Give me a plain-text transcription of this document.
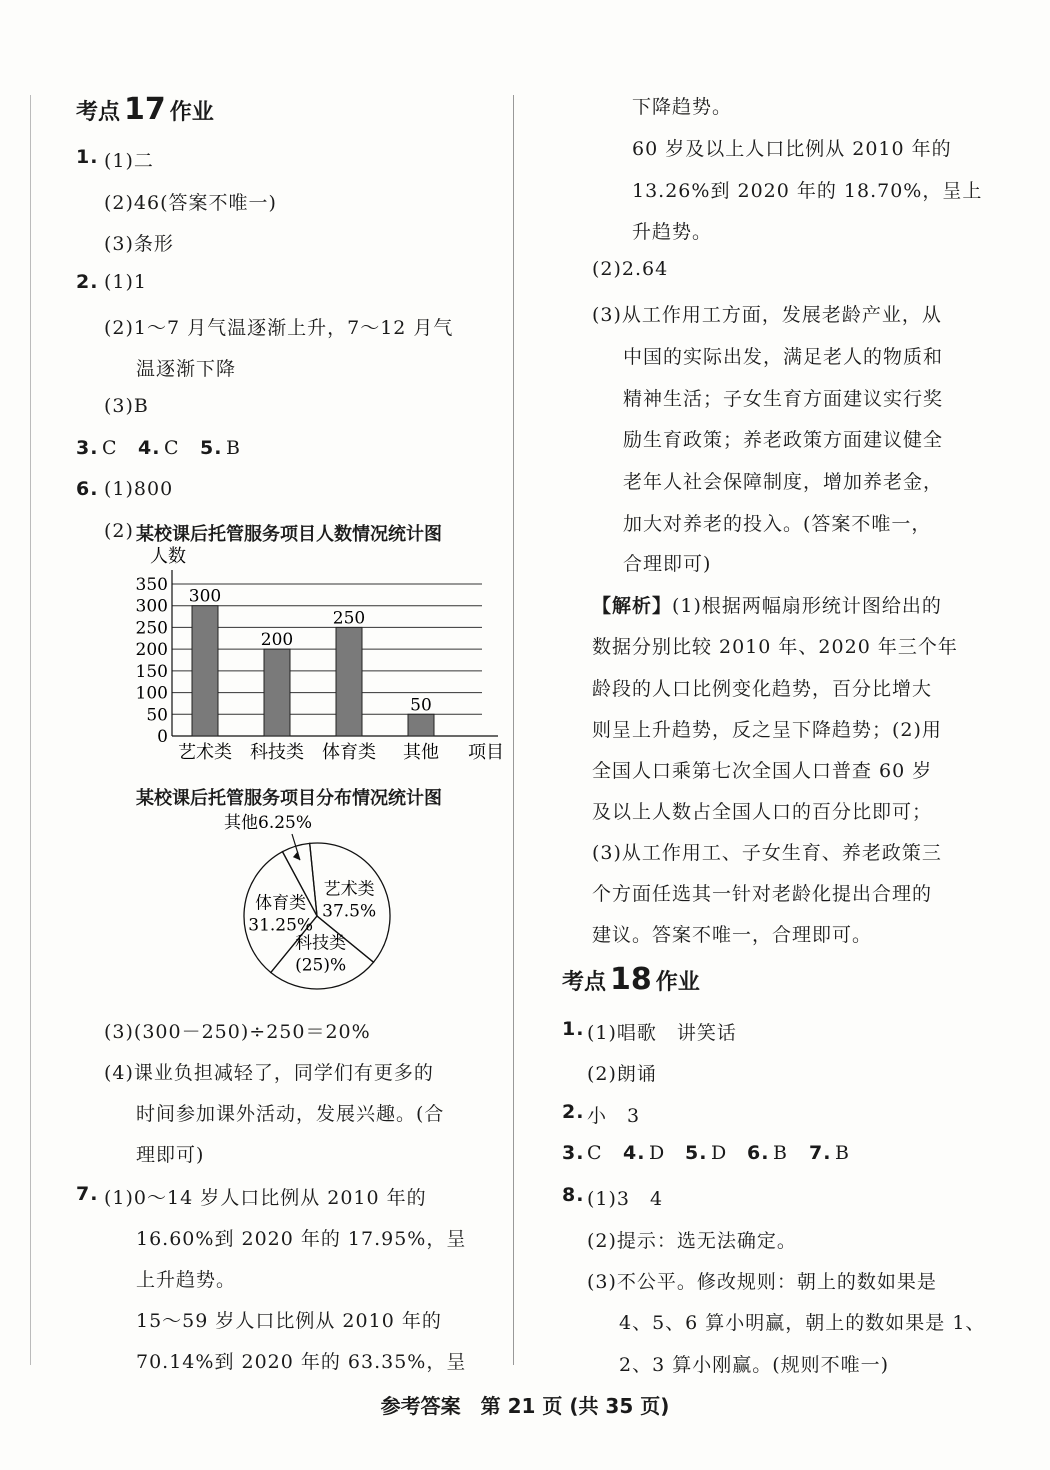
考点 17 作业
1. (1)二
(2)46(答案不唯一)
(3)条形
2. (1)1
(2)1～7 月气温逐渐上升，7～12 月气
温逐渐下降
(3)B
3. C 4. C 5. B
6. (1)800
(2) 某校课后托管服务项目人数情况统计图
人数
0
50
100
150
200
250
300
350
300
艺术类
200
科技类
250
体育类
50
其他 项目
某校课后托管服务项目分布情况统计图
其他6.25%
艺术类
37.5%
科技类
(25)%
体育类
31.25%
(3)(300－250)÷250＝20%
(4)课业负担减轻了，同学们有更多的
时间参加课外活动，发展兴趣。(合
理即可)
7. (1)0～14 岁人口比例从 2010 年的
16.60%到 2020 年的 17.95%，呈
上升趋势。
15～59 岁人口比例从 2010 年的
70.14%到 2020 年的 63.35%，呈
下降趋势。
60 岁及以上人口比例从 2010 年的
13.26%到 2020 年的 18.70%，呈上
升趋势。
(2)2.64
(3)从工作用工方面，发展老龄产业，从
中国的实际出发，满足老人的物质和
精神生活；子女生育方面建议实行奖
励生育政策；养老政策方面建议健全
老年人社会保障制度，增加养老金，
加大对养老的投入。(答案不唯一，
合理即可)
【解析】(1)根据两幅扇形统计图给出的
数据分别比较 2010 年、2020 年三个年
龄段的人口比例变化趋势，百分比增大
则呈上升趋势，反之呈下降趋势；(2)用
全国人口乘第七次全国人口普查 60 岁
及以上人数占全国人口的百分比即可；
(3)从工作用工、子女生育、养老政策三
个方面任选其一针对老龄化提出合理的
建议。答案不唯一，合理即可。
考点 18 作业
1. (1)唱歌　讲笑话
(2)朗诵
2. 小　3
3. C 4. D 5. D 6. B 7. B
8. (1)3　4
(2)提示：选无法确定。
(3)不公平。修改规则：朝上的数如果是
4、5、6 算小明赢，朝上的数如果是 1、
2、3 算小刚赢。(规则不唯一)
参考答案 第 21 页 (共 35 页)
